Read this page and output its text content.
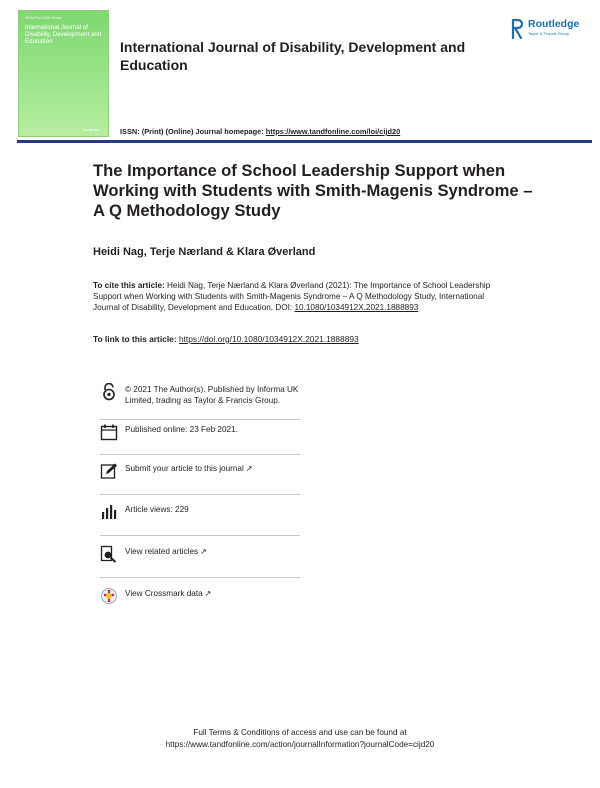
ISSN Print ISSN Online
International Journal of Disability, Development and Education
Routledge
International Journal of Disability, Development and Education
ISSN: (Print) (Online) Journal homepage: https://www.tandfonline.com/loi/cijd20
Routledge
Taylor & Francis Group
The Importance of School Leadership Support when Working with Students with Smith-Magenis Syndrome – A Q Methodology Study
Heidi Nag, Terje Nærland & Klara Øverland
To cite this article: Heidi Nag, Terje Nærland & Klara Øverland (2021): The Importance of School Leadership Support when Working with Students with Smith-Magenis Syndrome – A Q Methodology Study, International Journal of Disability, Development and Education, DOI: 10.1080/1034912X.2021.1888893
To link to this article: https://doi.org/10.1080/1034912X.2021.1888893
© 2021 The Author(s). Published by Informa UK Limited, trading as Taylor & Francis Group.
Published online: 23 Feb 2021.
Submit your article to this journal ↗
Article views: 229
View related articles ↗
View Crossmark data ↗
Full Terms & Conditions of access and use can be found at
https://www.tandfonline.com/action/journalInformation?journalCode=cijd20
